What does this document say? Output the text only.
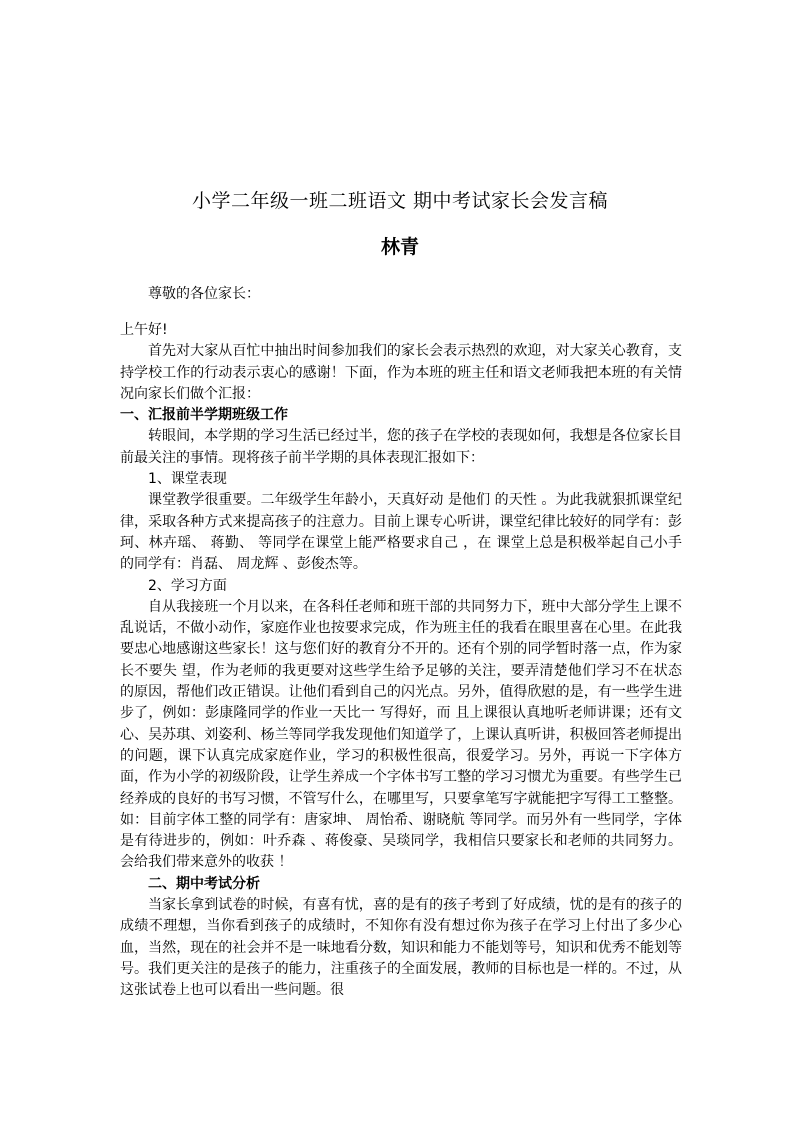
小学二年级一班二班语文 期中考试家长会发言稿
林青
尊敬的各位家长：

上午好!

首先对大家从百忙中抽出时间参加我们的家长会表示热烈的欢迎，对大家关心教育，支持学校工作的行动表示衷心的感谢！下面，作为本班的班主任和语文老师我把本班的有关情况向家长们做个汇报：

一、汇报前半学期班级工作

转眼间，本学期的学习生活已经过半，您的孩子在学校的表现如何，我想是各位家长目前最关注的事情。现将孩子前半学期的具体表现汇报如下：

1、课堂表现

课堂教学很重要。二年级学生年龄小，天真好动 是他们 的天性 。为此我就狠抓课堂纪律，采取各种方式来提高孩子的注意力。目前上课专心听讲，课堂纪律比较好的同学有：彭珂、林卉瑶、 蒋勤、 等同学在课堂上能严格要求自己 ，在 课堂上总是积极举起自己小手的同学有：肖磊、 周龙辉 、彭俊杰等。

2、学习方面

自从我接班一个月以来，在各科任老师和班干部的共同努力下，班中大部分学生上课不乱说话，不做小动作，家庭作业也按要求完成，作为班主任的我看在眼里喜在心里。在此我要忠心地感谢这些家长！这与您们好的教育分不开的。还有个别的同学暂时落一点，作为家长不要失 望，作为老师的我更要对这些学生给予足够的关注，要弄清楚他们学习不在状态的原因，帮他们改正错误。让他们看到自己的闪光点。另外，值得欣慰的是，有一些学生进步了，例如：彭康隆同学的作业一天比一 写得好，而 且上课很认真地听老师讲课；还有文心、吴苏琪、刘姿利、杨兰等同学我发现他们知道学了，上课认真听讲，积极回答老师提出的问题，课下认真完成家庭作业，学习的积极性很高，很爱学习。另外，再说一下字体方面，作为小学的初级阶段，让学生养成一个字体书写工整的学习习惯尤为重要。有些学生已经养成的良好的书写习惯，不管写什么，在哪里写，只要拿笔写字就能把字写得工工整整。如：目前字体工整的同学有：唐家坤、 周怡希、谢晓航 等同学。而另外有一些同学，字体是有待进步的，例如：叶乔森 、蒋俊豪、吴琰同学，我相信只要家长和老师的共同努力。会给我们带来意外的收获 ！

二、期中考试分析

当家长拿到试卷的时候，有喜有忧，喜的是有的孩子考到了好成绩，忧的是有的孩子的成绩不理想，当你看到孩子的成绩时，不知你有没有想过你为孩子在学习上付出了多少心血，当然，现在的社会并不是一味地看分数，知识和能力不能划等号，知识和优秀不能划等号。我们更关注的是孩子的能力，注重孩子的全面发展，教师的目标也是一样的。不过，从这张试卷上也可以看出一些问题。很
